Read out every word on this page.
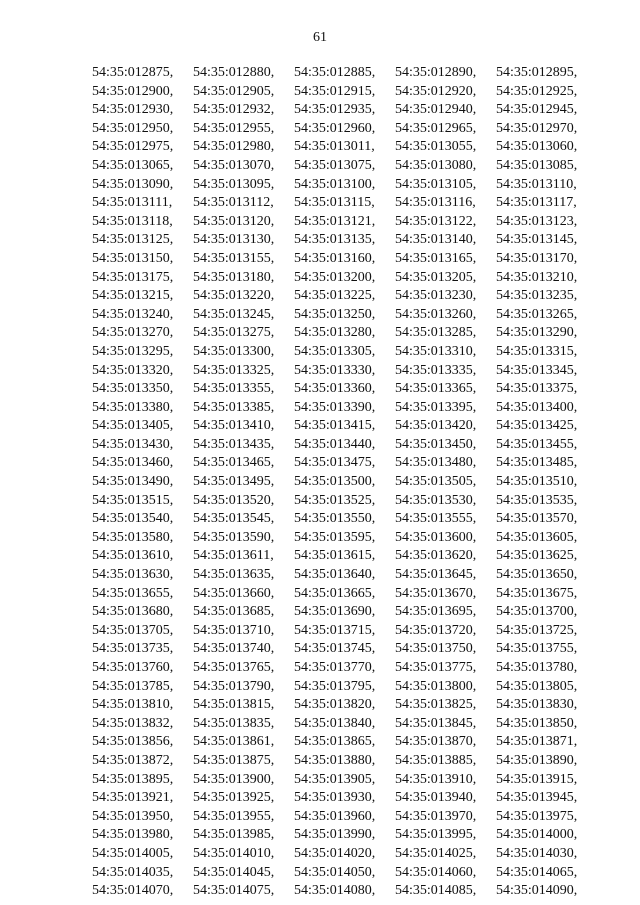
61
54:35:012875,	54:35:012880,	54:35:012885,	54:35:012890,	54:35:012895,
54:35:012900,	54:35:012905,	54:35:012915,	54:35:012920,	54:35:012925,
54:35:012930,	54:35:012932,	54:35:012935,	54:35:012940,	54:35:012945,
54:35:012950,	54:35:012955,	54:35:012960,	54:35:012965,	54:35:012970,
54:35:012975,	54:35:012980,	54:35:013011,	54:35:013055,	54:35:013060,
54:35:013065,	54:35:013070,	54:35:013075,	54:35:013080,	54:35:013085,
54:35:013090,	54:35:013095,	54:35:013100,	54:35:013105,	54:35:013110,
54:35:013111,	54:35:013112,	54:35:013115,	54:35:013116,	54:35:013117,
54:35:013118,	54:35:013120,	54:35:013121,	54:35:013122,	54:35:013123,
54:35:013125,	54:35:013130,	54:35:013135,	54:35:013140,	54:35:013145,
54:35:013150,	54:35:013155,	54:35:013160,	54:35:013165,	54:35:013170,
54:35:013175,	54:35:013180,	54:35:013200,	54:35:013205,	54:35:013210,
54:35:013215,	54:35:013220,	54:35:013225,	54:35:013230,	54:35:013235,
54:35:013240,	54:35:013245,	54:35:013250,	54:35:013260,	54:35:013265,
54:35:013270,	54:35:013275,	54:35:013280,	54:35:013285,	54:35:013290,
54:35:013295,	54:35:013300,	54:35:013305,	54:35:013310,	54:35:013315,
54:35:013320,	54:35:013325,	54:35:013330,	54:35:013335,	54:35:013345,
54:35:013350,	54:35:013355,	54:35:013360,	54:35:013365,	54:35:013375,
54:35:013380,	54:35:013385,	54:35:013390,	54:35:013395,	54:35:013400,
54:35:013405,	54:35:013410,	54:35:013415,	54:35:013420,	54:35:013425,
54:35:013430,	54:35:013435,	54:35:013440,	54:35:013450,	54:35:013455,
54:35:013460,	54:35:013465,	54:35:013475,	54:35:013480,	54:35:013485,
54:35:013490,	54:35:013495,	54:35:013500,	54:35:013505,	54:35:013510,
54:35:013515,	54:35:013520,	54:35:013525,	54:35:013530,	54:35:013535,
54:35:013540,	54:35:013545,	54:35:013550,	54:35:013555,	54:35:013570,
54:35:013580,	54:35:013590,	54:35:013595,	54:35:013600,	54:35:013605,
54:35:013610,	54:35:013611,	54:35:013615,	54:35:013620,	54:35:013625,
54:35:013630,	54:35:013635,	54:35:013640,	54:35:013645,	54:35:013650,
54:35:013655,	54:35:013660,	54:35:013665,	54:35:013670,	54:35:013675,
54:35:013680,	54:35:013685,	54:35:013690,	54:35:013695,	54:35:013700,
54:35:013705,	54:35:013710,	54:35:013715,	54:35:013720,	54:35:013725,
54:35:013735,	54:35:013740,	54:35:013745,	54:35:013750,	54:35:013755,
54:35:013760,	54:35:013765,	54:35:013770,	54:35:013775,	54:35:013780,
54:35:013785,	54:35:013790,	54:35:013795,	54:35:013800,	54:35:013805,
54:35:013810,	54:35:013815,	54:35:013820,	54:35:013825,	54:35:013830,
54:35:013832,	54:35:013835,	54:35:013840,	54:35:013845,	54:35:013850,
54:35:013856,	54:35:013861,	54:35:013865,	54:35:013870,	54:35:013871,
54:35:013872,	54:35:013875,	54:35:013880,	54:35:013885,	54:35:013890,
54:35:013895,	54:35:013900,	54:35:013905,	54:35:013910,	54:35:013915,
54:35:013921,	54:35:013925,	54:35:013930,	54:35:013940,	54:35:013945,
54:35:013950,	54:35:013955,	54:35:013960,	54:35:013970,	54:35:013975,
54:35:013980,	54:35:013985,	54:35:013990,	54:35:013995,	54:35:014000,
54:35:014005,	54:35:014010,	54:35:014020,	54:35:014025,	54:35:014030,
54:35:014035,	54:35:014045,	54:35:014050,	54:35:014060,	54:35:014065,
54:35:014070,	54:35:014075,	54:35:014080,	54:35:014085,	54:35:014090,
